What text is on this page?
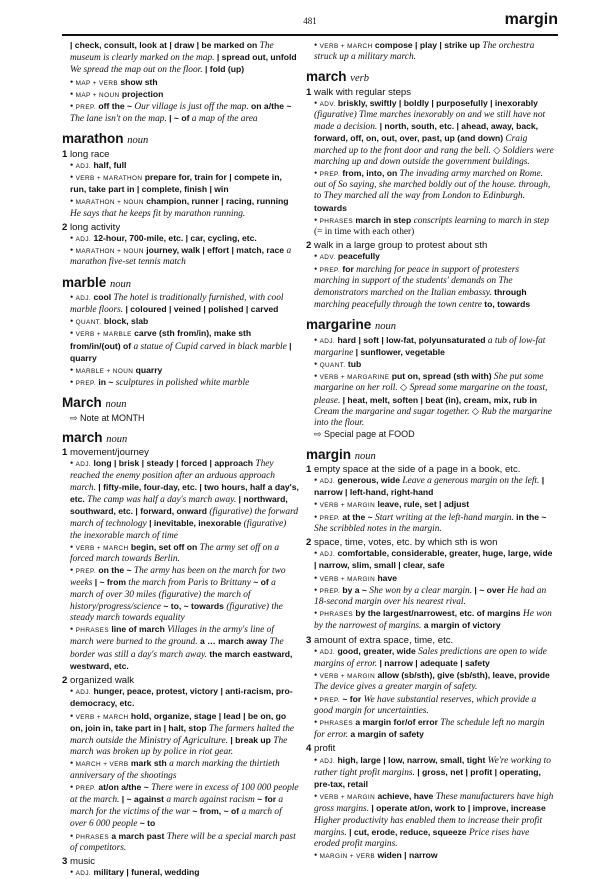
481	margin

| check, consult, look at | draw | be marked on The museum is clearly marked on the map. | spread out, unfold We spread the map out on the floor. | fold (up)

• MAP + VERB show sth

• MAP + NOUN projection

• PREP. off the ~ Our village is just off the map. on a/the ~ The lane isn't on the map. | ~ of a map of the area

marathon noun
1 long race

• ADJ. half, full

• VERB + MARATHON prepare for, train for | compete in, run, take part in | complete, finish | win

• MARATHON + NOUN champion, runner | racing, running He says that he keeps fit by marathon running.

2 long activity

• ADJ. 12-hour, 700-mile, etc. | car, cycling, etc.

• MARATHON + NOUN journey, walk | effort | match, race a marathon five-set tennis match

marble noun

• ADJ. cool The hotel is traditionally furnished, with cool marble floors. | coloured | veined | polished | carved

• QUANT. block, slab

• VERB + MARBLE carve (sth from/in), make sth from/in/(out) of a statue of Cupid carved in black marble | quarry

• MARBLE + NOUN quarry

• PREP. in ~ sculptures in polished white marble

March noun

⇨ Note at MONTH

march noun
1 movement/journey

• ADJ. long | brisk | steady | forced | approach They reached the enemy position after an arduous approach march. | fifty-mile, four-day, etc. | two hours, half a day's, etc. The camp was half a day's march away. | northward, southward, etc. | forward, onward (figurative) the forward march of technology | inevitable, inexorable (figurative) the inexorable march of time

• VERB + MARCH begin, set off on The army set off on a forced march towards Berlin.

• PREP. on the ~ The army has been on the march for two weeks | ~ from the march from Paris to Brittany ~ of a march of over 30 miles (figurative) the march of history/progress/science ~ to, ~ towards (figurative) the steady march towards equality

• PHRASES line of march Villages in the army's line of march were burned to the ground. a … march away The border was still a day's march away. the march eastward, westward, etc.

2 organized walk

• ADJ. hunger, peace, protest, victory | anti-racism, pro-democracy, etc.

• VERB + MARCH hold, organize, stage | lead | be on, go on, join in, take part in | halt, stop The farmers halted the march outside the Ministry of Agriculture. | break up The march was broken up by police in riot gear.

• MARCH + VERB mark sth a march marking the thirtieth anniversary of the shootings

• PREP. at/on a/the ~ There were in excess of 100 000 people at the march. | ~ against a march against racism ~ for a march for the victims of the war ~ from, ~ of a march of over 6 000 people ~ to

• PHRASES a march past There will be a special march past of competitors.

3 music

• ADJ. military | funeral, wedding

• VERB + MARCH compose | play | strike up The orchestra struck up a military march.

march verb
1 walk with regular steps

• ADV. briskly, swiftly | boldly | purposefully | inexorably (figurative) Time marches inexorably on and we still have not made a decision. | north, south, etc. | ahead, away, back, forward, off, on, out, over, past, up (and down) Craig marched up to the front door and rang the bell. ◇ Soldiers were marching up and down outside the government buildings.

• PREP. from, into, on The invading army marched on Rome. out of So saying, she marched boldly out of the house. through, to They marched all the way from London to Edinburgh. towards

• PHRASES march in step conscripts learning to march in step (= in time with each other)

2 walk in a large group to protest about sth

• ADV. peacefully

• PREP. for marching for peace in support of protesters marching in support of the students' demands on The demonstrators marched on the Italian embassy. through marching peacefully through the town centre to, towards

margarine noun

• ADJ. hard | soft | low-fat, polyunsaturated a tub of low-fat margarine | sunflower, vegetable

• QUANT. tub

• VERB + MARGARINE put on, spread (sth with) She put some margarine on her roll. ◇ Spread some margarine on the toast, please. | heat, melt, soften | beat (in), cream, mix, rub in Cream the margarine and sugar together. ◇ Rub the margarine into the flour.

⇨ Special page at FOOD

margin noun
1 empty space at the side of a page in a book, etc.

• ADJ. generous, wide Leave a generous margin on the left. | narrow | left-hand, right-hand

• VERB + MARGIN leave, rule, set | adjust

• PREP. at the ~ Start writing at the left-hand margin. in the ~ She scribbled notes in the margin.

2 space, time, votes, etc. by which sth is won

• ADJ. comfortable, considerable, greater, huge, large, wide | narrow, slim, small | clear, safe

• VERB + MARGIN have

• PREP. by a ~ She won by a clear margin. | ~ over He had an 18-second margin over his nearest rival.

• PHRASES by the largest/narrowest, etc. of margins He won by the narrowest of margins. a margin of victory

3 amount of extra space, time, etc.

• ADJ. good, greater, wide Sales predictions are open to wide margins of error. | narrow | adequate | safety

• VERB + MARGIN allow (sb/sth), give (sb/sth), leave, provide The device gives a greater margin of safety.

• PREP. ~ for We have substantial reserves, which provide a good margin for uncertainties.

• PHRASES a margin for/of error The schedule left no margin for error. a margin of safety

4 profit

• ADJ. high, large | low, narrow, small, tight We're working to rather tight profit margins. | gross, net | profit | operating, pre-tax, retail

• VERB + MARGIN achieve, have These manufacturers have high gross margins. | operate at/on, work to | improve, increase Higher productivity has enabled them to increase their profit margins. | cut, erode, reduce, squeeze Price rises have eroded profit margins.

• MARGIN + VERB widen | narrow
